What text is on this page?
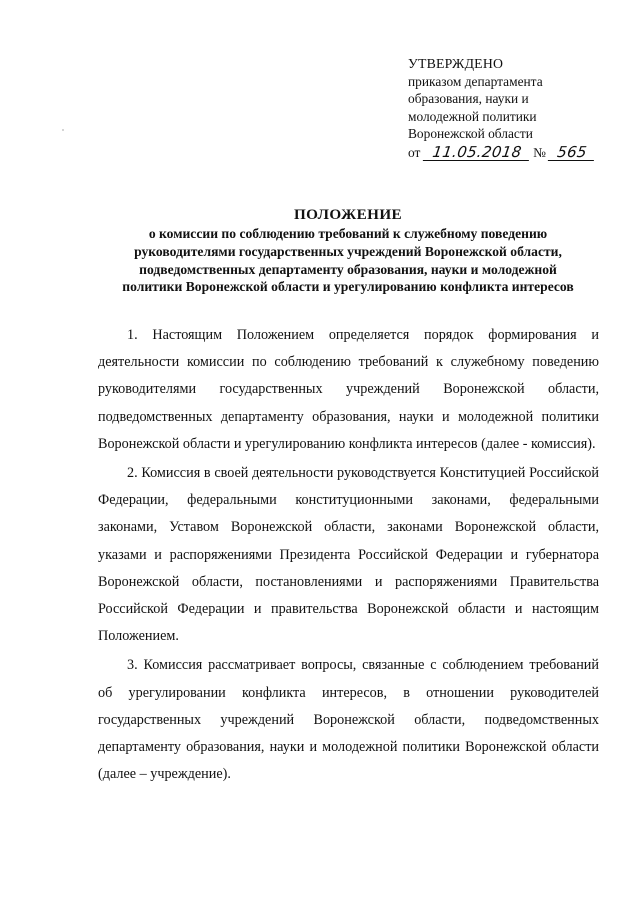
УТВЕРЖДЕНО
приказом департамента
образования, науки и
молодежной политики
Воронежской области
от 11.05.2018 № 565
ПОЛОЖЕНИЕ
о комиссии по соблюдению требований к служебному поведению
руководителями государственных учреждений Воронежской области,
подведомственных департаменту образования, науки и молодежной
политики Воронежской области и урегулированию конфликта интересов

1. Настоящим Положением определяется порядок формирования и деятельности комиссии по соблюдению требований к служебному поведению руководителями государственных учреждений Воронежской области, подведомственных департаменту образования, науки и молодежной политики Воронежской области и урегулированию конфликта интересов (далее - комиссия).

2. Комиссия в своей деятельности руководствуется Конституцией Российской Федерации, федеральными конституционными законами, федеральными законами, Уставом Воронежской области, законами Воронежской области, указами и распоряжениями Президента Российской Федерации и губернатора Воронежской области, постановлениями и распоряжениями Правительства Российской Федерации и правительства Воронежской области и настоящим Положением.

3. Комиссия рассматривает вопросы, связанные с соблюдением требований об урегулировании конфликта интересов, в отношении руководителей государственных учреждений Воронежской области, подведомственных департаменту образования, науки и молодежной политики Воронежской области (далее – учреждение).
